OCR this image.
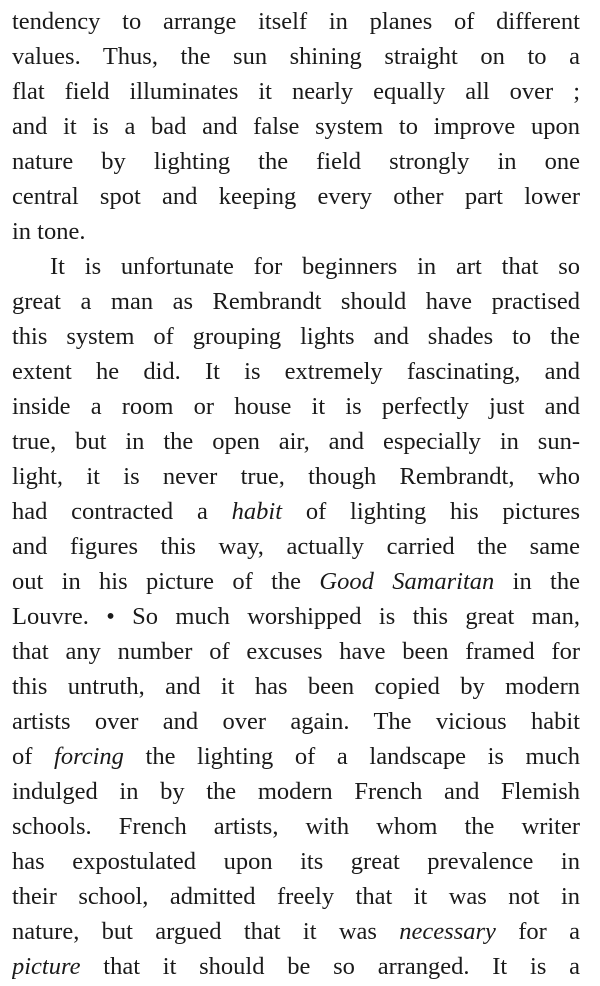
tendency to arrange itself in planes of different
values. Thus, the sun shining straight on to a
flat field illuminates it nearly equally all over ;
and it is a bad and false system to improve upon
nature by lighting the field strongly in one
central spot and keeping every other part lower
in tone.
It is unfortunate for beginners in art that so
great a man as Rembrandt should have practised
this system of grouping lights and shades to the
extent he did. It is extremely fascinating, and
inside a room or house it is perfectly just and
true, but in the open air, and especially in sun-
light, it is never true, though Rembrandt, who
had contracted a habit of lighting his pictures
and figures this way, actually carried the same
out in his picture of the Good Samaritan in the
Louvre. • So much worshipped is this great man,
that any number of excuses have been framed for
this untruth, and it has been copied by modern
artists over and over again. The vicious habit
of forcing the lighting of a landscape is much
indulged in by the modern French and Flemish
schools. French artists, with whom the writer
has expostulated upon its great prevalence in
their school, admitted freely that it was not in
nature, but argued that it was necessary for a
picture that it should be so arranged. It is a
